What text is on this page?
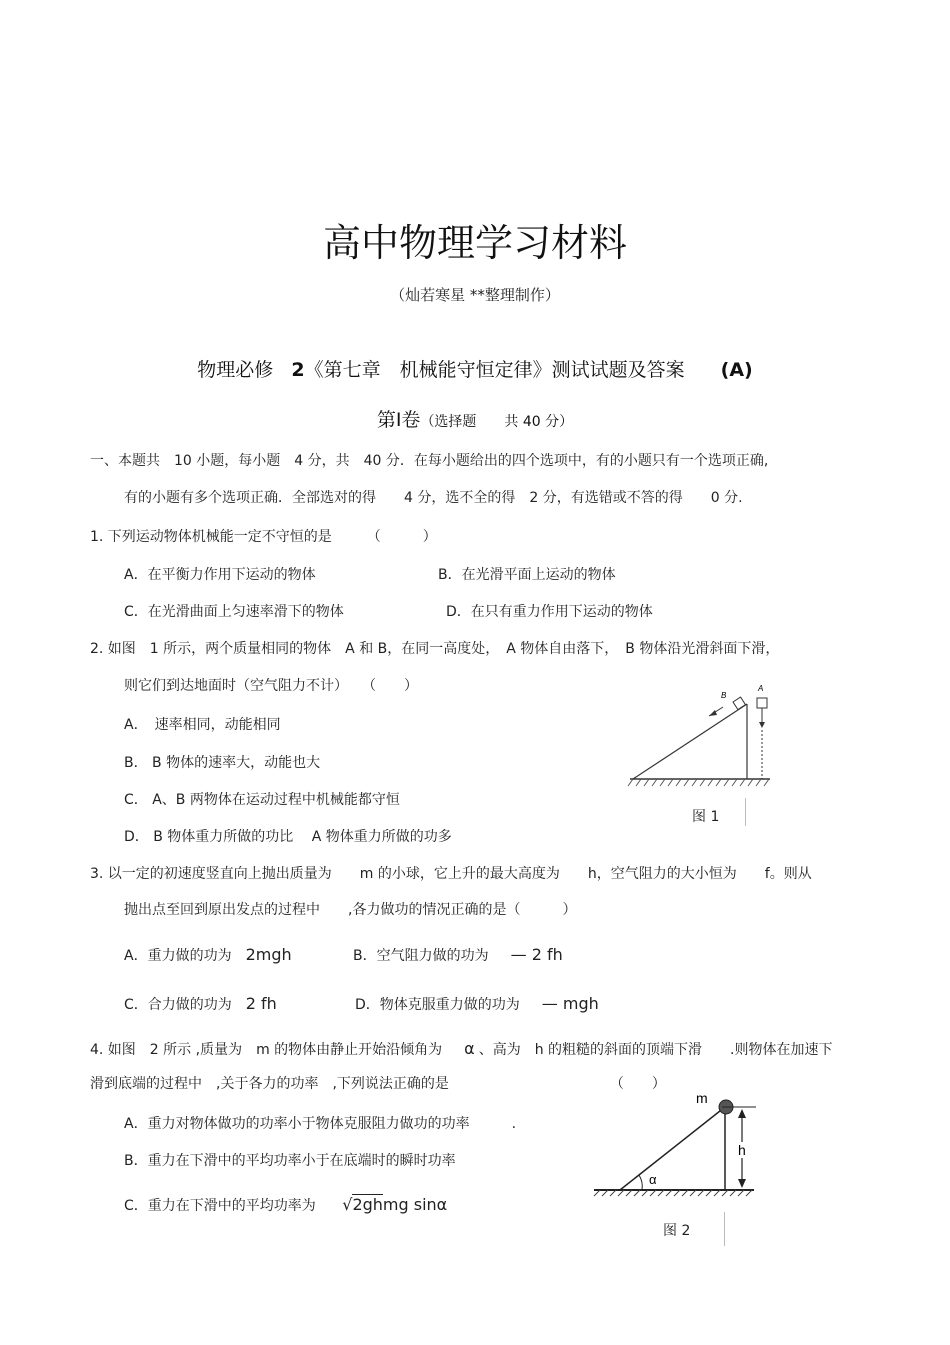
高中物理学习材料
（灿若寒星 **整理制作）
物理必修 2《第七章　机械能守恒定律》测试试题及答案 (A)
第Ⅰ卷（选择题　　共 40 分）
一、本题共　10 小题，每小题　4 分，共　40 分．在每小题给出的四个选项中，有的小题只有一个选项正确,
有的小题有多个选项正确．全部选对的得　　4 分，选不全的得　2 分，有选错或不答的得　　0 分.
1. 下列运动物体机械能一定不守恒的是　　　（　　　）
A．在平衡力作用下运动的物体	B．在光滑平面上运动的物体
C．在光滑曲面上匀速率滑下的物体	D．在只有重力作用下运动的物体
2. 如图　1 所示，两个质量相同的物体　A 和 B，在同一高度处，　A 物体自由落下，　B 物体沿光滑斜面下滑，
则它们到达地面时（空气阻力不计）　　（　　）
A．　速率相同，动能相同
B． B 物体的速率大，动能也大
C． A、B 两物体在运动过程中机械能都守恒
D． B 物体重力所做的功比　 A 物体重力所做的功多
B
A
图 1
3. 以一定的初速度竖直向上抛出质量为　　m 的小球，它上升的最大高度为　　h，空气阻力的大小恒为　　f。则从
抛出点至回到原出发点的过程中　　,各力做功的情况正确的是（　　　）
A．重力做的功为 2mgh	B．空气阻力做的功为 — 2 fh
C．合力做的功为 2 fh	D．物体克服重力做的功为 — mgh
4. 如图　2 所示 ,质量为　m 的物体由静止开始沿倾角为 α 、高为　h 的粗糙的斜面的顶端下滑　　.则物体在加速下
滑到底端的过程中　,关于各力的功率　,下列说法正确的是　　　　　　　　　　　　（　　）
A．重力对物体做功的功率小于物体克服阻力做功的功率　　　.
B．重力在下滑中的平均功率小于在底端时的瞬时功率
C．重力在下滑中的平均功率为 √2ghmg sinα
m
α
h
图 2
